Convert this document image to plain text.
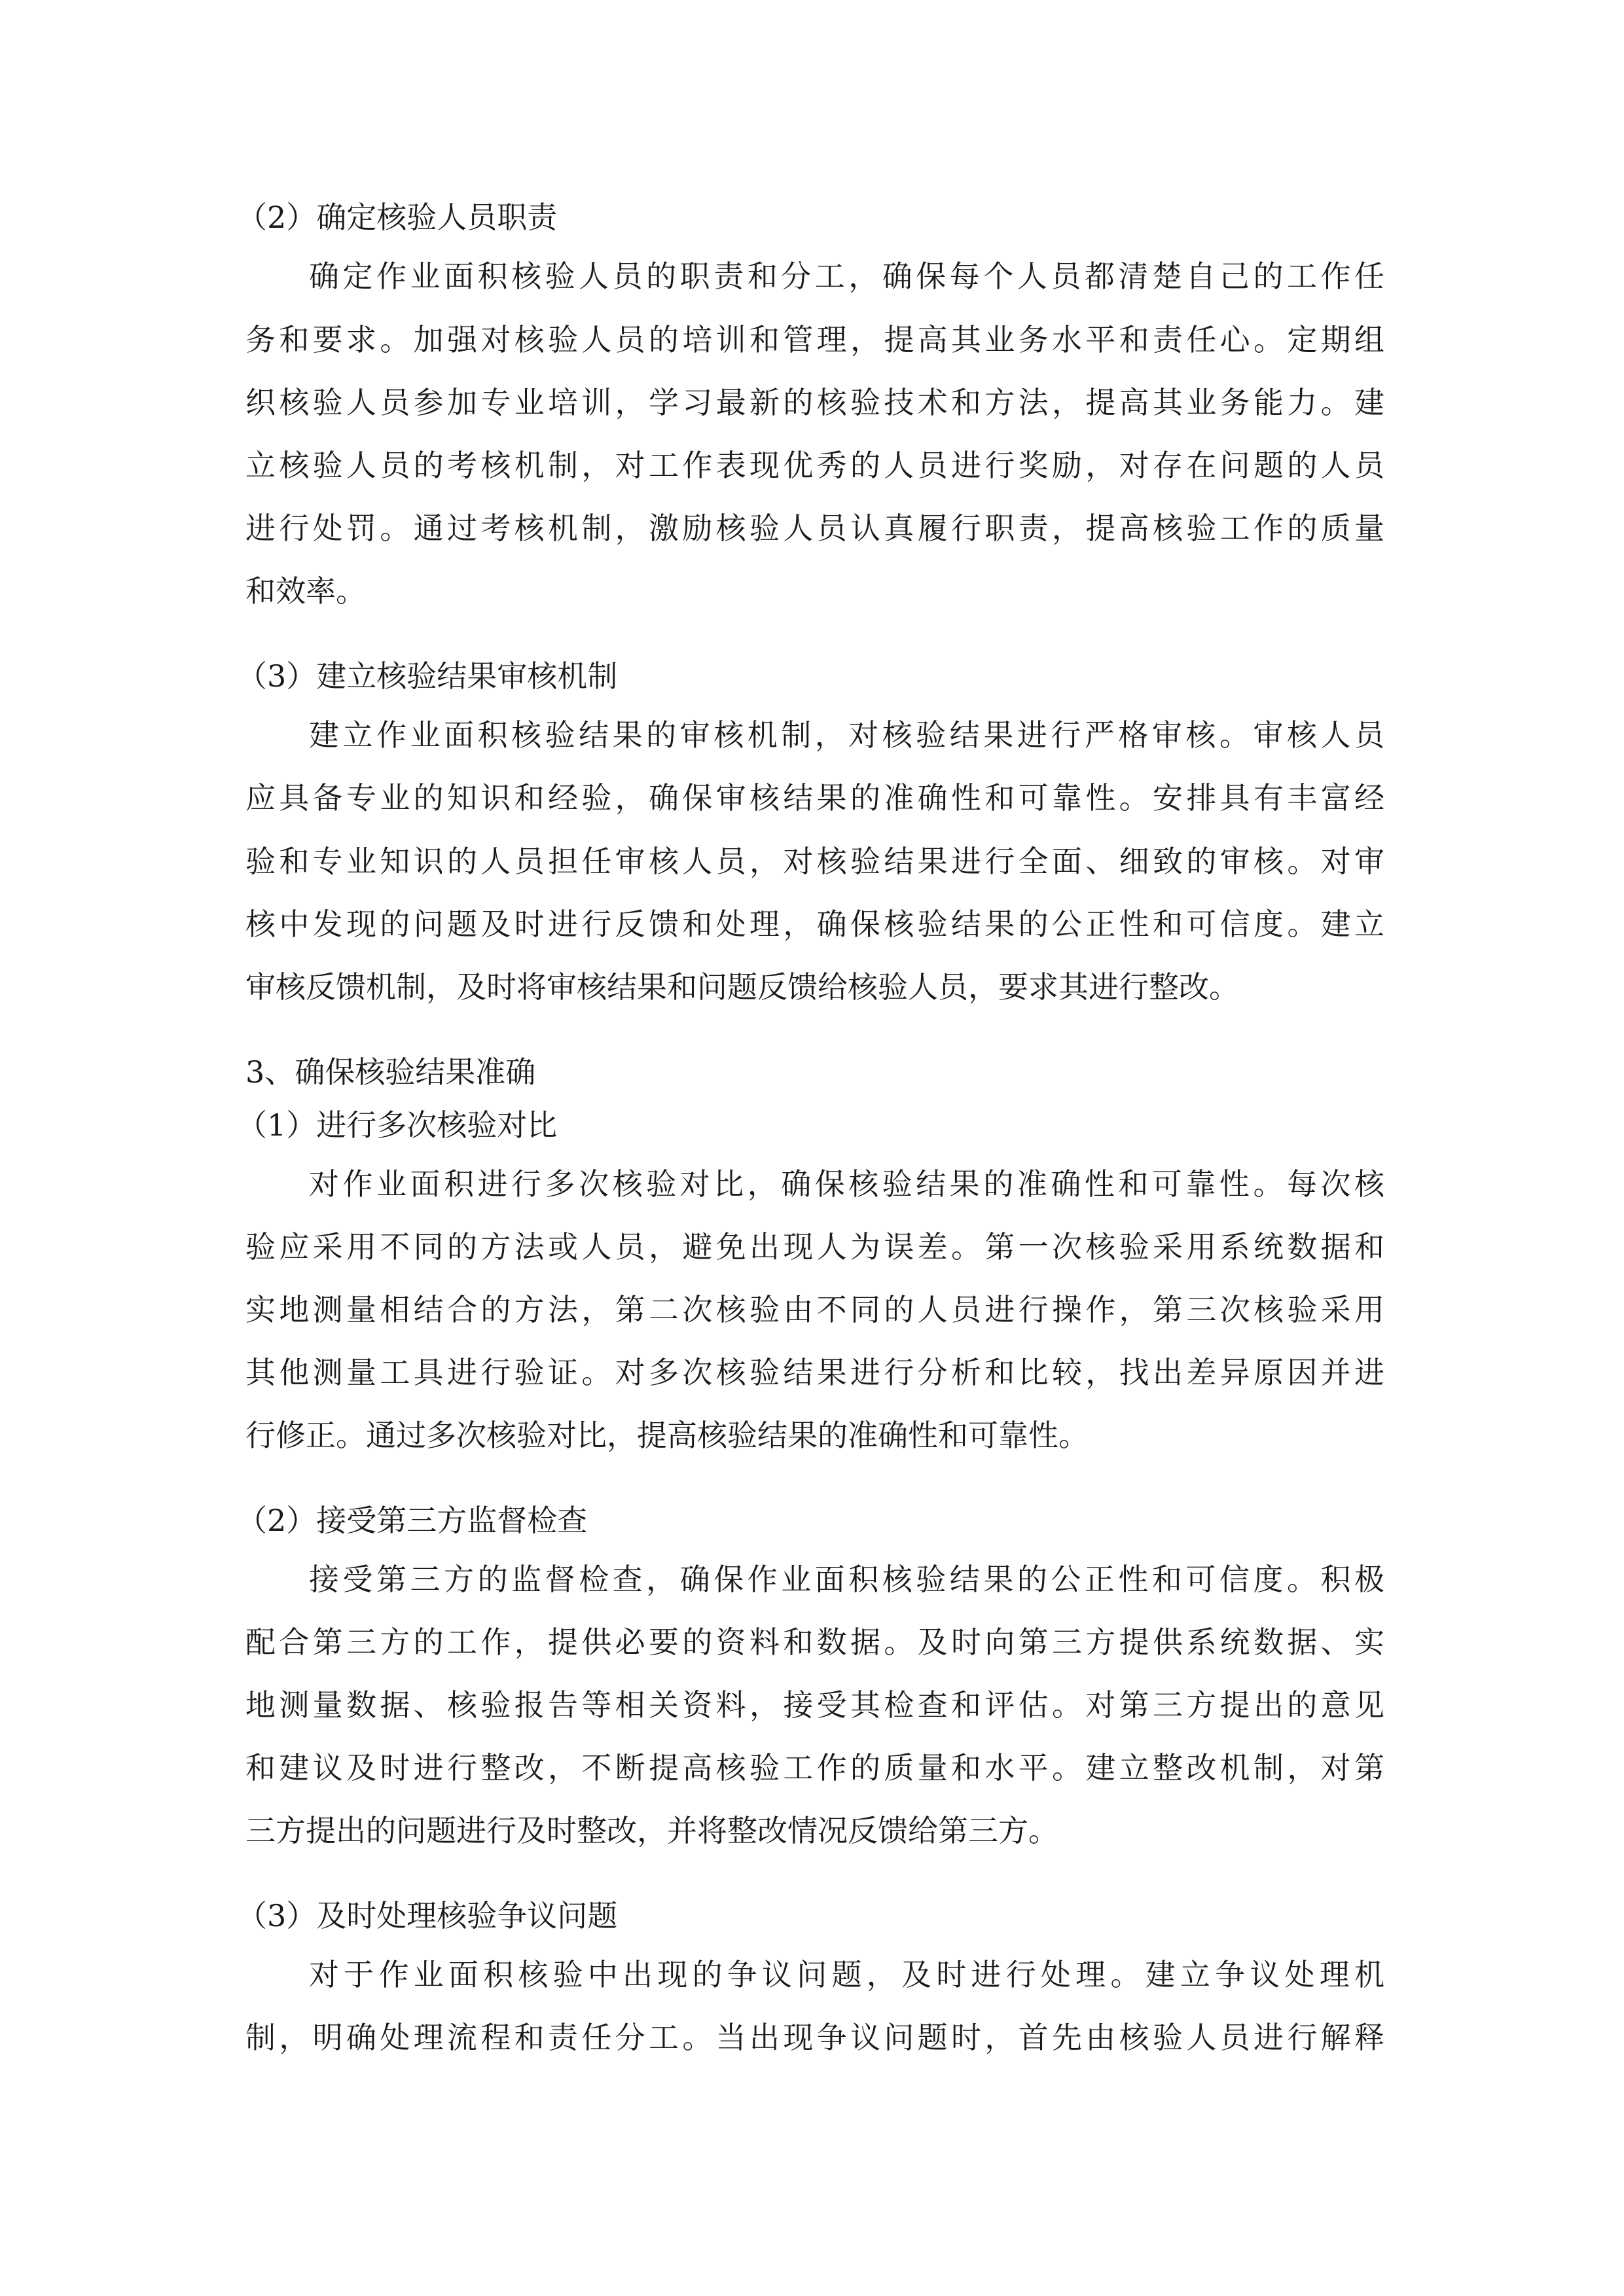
（2）确定核验人员职责
确定作业面积核验人员的职责和分工，确保每个人员都清楚自己的工作任
务和要求。加强对核验人员的培训和管理，提高其业务水平和责任心。定期组
织核验人员参加专业培训，学习最新的核验技术和方法，提高其业务能力。建
立核验人员的考核机制，对工作表现优秀的人员进行奖励，对存在问题的人员
进行处罚。通过考核机制，激励核验人员认真履行职责，提高核验工作的质量
和效率。
（3）建立核验结果审核机制
建立作业面积核验结果的审核机制，对核验结果进行严格审核。审核人员
应具备专业的知识和经验，确保审核结果的准确性和可靠性。安排具有丰富经
验和专业知识的人员担任审核人员，对核验结果进行全面、细致的审核。对审
核中发现的问题及时进行反馈和处理，确保核验结果的公正性和可信度。建立
审核反馈机制，及时将审核结果和问题反馈给核验人员，要求其进行整改。
3、确保核验结果准确
（1）进行多次核验对比
对作业面积进行多次核验对比，确保核验结果的准确性和可靠性。每次核
验应采用不同的方法或人员，避免出现人为误差。第一次核验采用系统数据和
实地测量相结合的方法，第二次核验由不同的人员进行操作，第三次核验采用
其他测量工具进行验证。对多次核验结果进行分析和比较，找出差异原因并进
行修正。通过多次核验对比，提高核验结果的准确性和可靠性。
（2）接受第三方监督检查
接受第三方的监督检查，确保作业面积核验结果的公正性和可信度。积极
配合第三方的工作，提供必要的资料和数据。及时向第三方提供系统数据、实
地测量数据、核验报告等相关资料，接受其检查和评估。对第三方提出的意见
和建议及时进行整改，不断提高核验工作的质量和水平。建立整改机制，对第
三方提出的问题进行及时整改，并将整改情况反馈给第三方。
（3）及时处理核验争议问题
对于作业面积核验中出现的争议问题，及时进行处理。建立争议处理机
制，明确处理流程和责任分工。当出现争议问题时，首先由核验人员进行解释
